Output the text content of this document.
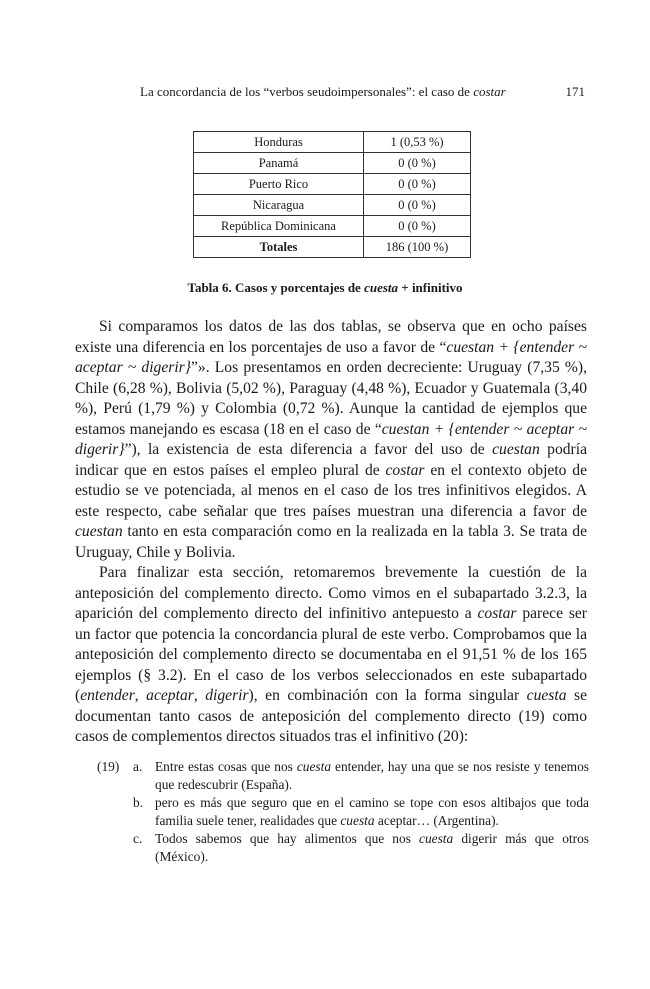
La concordancia de los “verbos seudoimpersonales”: el caso de costar	171
Honduras	1 (0,53 %)
Panamá	0 (0 %)
Puerto Rico	0 (0 %)
Nicaragua	0 (0 %)
República Dominicana	0 (0 %)
Totales	186 (100 %)
Tabla 6. Casos y porcentajes de cuesta + infinitivo

Si comparamos los datos de las dos tablas, se observa que en ocho países existe una diferencia en los porcentajes de uso a favor de “cuestan + {entender ~ aceptar ~ digerir}”». Los presentamos en orden decreciente: Uruguay (7,35 %), Chile (6,28 %), Bolivia (5,02 %), Paraguay (4,48 %), Ecuador y Guatemala (3,40 %), Perú (1,79 %) y Colombia (0,72 %). Aunque la cantidad de ejemplos que estamos manejando es escasa (18 en el caso de “cuestan + {entender ~ aceptar ~ digerir}”), la existencia de esta diferencia a favor del uso de cuestan podría indicar que en estos países el empleo plural de costar en el contexto objeto de estudio se ve potenciada, al menos en el caso de los tres infinitivos elegidos. A este respecto, cabe señalar que tres países muestran una diferencia a favor de cuestan tanto en esta comparación como en la realizada en la tabla 3. Se trata de Uruguay, Chile y Bolivia.

Para finalizar esta sección, retomaremos brevemente la cuestión de la anteposición del complemento directo. Como vimos en el subapartado 3.2.3, la aparición del complemento directo del infinitivo antepuesto a costar parece ser un factor que potencia la concordancia plural de este verbo. Comprobamos que la anteposición del complemento directo se documentaba en el 91,51 % de los 165 ejemplos (§ 3.2). En el caso de los verbos seleccionados en este subapartado (entender, aceptar, digerir), en combinación con la forma singular cuesta se documentan tanto casos de anteposición del complemento directo (19) como casos de complementos directos situados tras el infinitivo (20):

(19)	a. Entre estas cosas que nos cuesta entender, hay una que se nos resiste y tenemos que redescubrir (España).
b. pero es más que seguro que en el camino se tope con esos altibajos que toda familia suele tener, realidades que cuesta aceptar… (Argentina).
c. Todos sabemos que hay alimentos que nos cuesta digerir más que otros (México).
